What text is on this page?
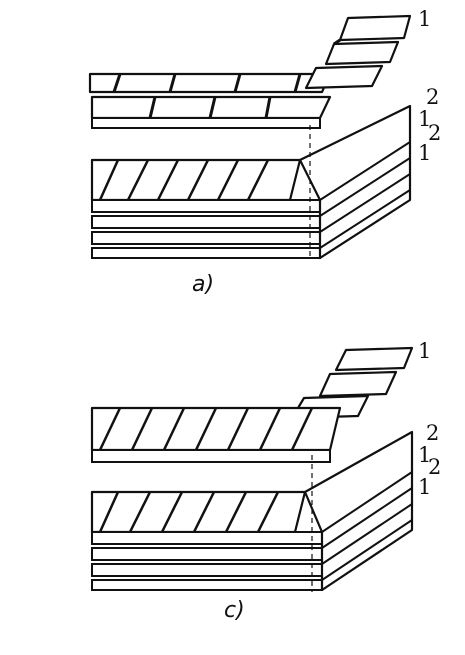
1
2
1
2
1
a)
1
2
1
2
1
c)
